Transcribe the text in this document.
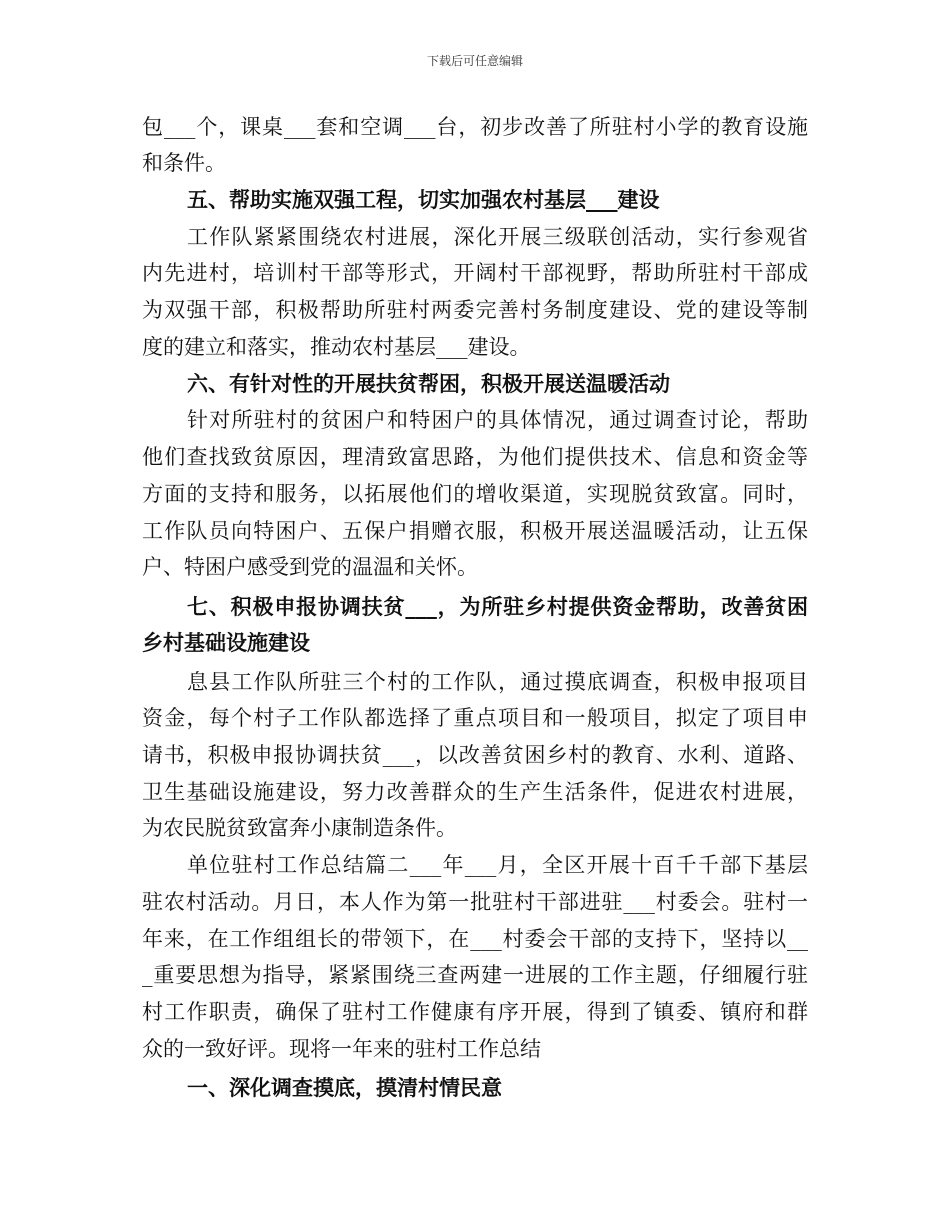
下载后可任意编辑
包___个，课桌___套和空调___台，初步改善了所驻村小学的教育设施
和条件。
五、帮助实施双强工程，切实加强农村基层___建设
工作队紧紧围绕农村进展，深化开展三级联创活动，实行参观省
内先进村，培训村干部等形式，开阔村干部视野，帮助所驻村干部成
为双强干部，积极帮助所驻村两委完善村务制度建设、党的建设等制
度的建立和落实，推动农村基层___建设。
六、有针对性的开展扶贫帮困，积极开展送温暖活动
针对所驻村的贫困户和特困户的具体情况，通过调查讨论，帮助
他们查找致贫原因，理清致富思路，为他们提供技术、信息和资金等
方面的支持和服务，以拓展他们的增收渠道，实现脱贫致富。同时，
工作队员向特困户、五保户捐赠衣服，积极开展送温暖活动，让五保
户、特困户感受到党的温温和关怀。
七、积极申报协调扶贫___，为所驻乡村提供资金帮助，改善贫困
乡村基础设施建设
息县工作队所驻三个村的工作队，通过摸底调查，积极申报项目
资金，每个村子工作队都选择了重点项目和一般项目，拟定了项目申
请书，积极申报协调扶贫___，以改善贫困乡村的教育、水利、道路、
卫生基础设施建设，努力改善群众的生产生活条件，促进农村进展，
为农民脱贫致富奔小康制造条件。
单位驻村工作总结篇二___年___月，全区开展十百千千部下基层
驻农村活动。月日，本人作为第一批驻村干部进驻___村委会。驻村一
年来，在工作组组长的带领下，在___村委会干部的支持下，坚持以__
_重要思想为指导，紧紧围绕三查两建一进展的工作主题，仔细履行驻
村工作职责，确保了驻村工作健康有序开展，得到了镇委、镇府和群
众的一致好评。现将一年来的驻村工作总结
一、深化调查摸底，摸清村情民意
